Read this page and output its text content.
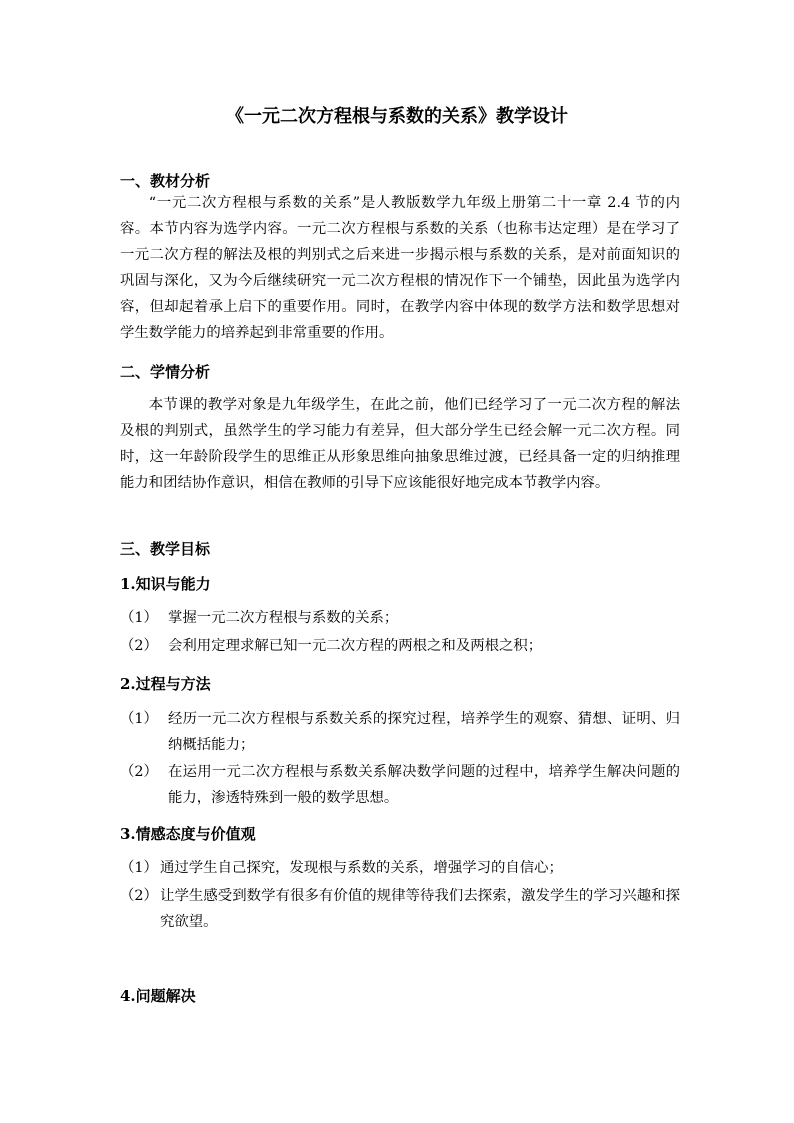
《一元二次方程根与系数的关系》教学设计
一、教材分析

“一元二次方程根与系数的关系”是人教版数学九年级上册第二十一章 2.4 节的内容。本节内容为选学内容。一元二次方程根与系数的关系（也称韦达定理）是在学习了一元二次方程的解法及根的判别式之后来进一步揭示根与系数的关系，是对前面知识的巩固与深化，又为今后继续研究一元二次方程根的情况作下一个铺垫，因此虽为选学内容，但却起着承上启下的重要作用。同时，在教学内容中体现的数学方法和数学思想对学生数学能力的培养起到非常重要的作用。

二、学情分析

本节课的教学对象是九年级学生，在此之前，他们已经学习了一元二次方程的解法及根的判别式，虽然学生的学习能力有差异，但大部分学生已经会解一元二次方程。同时，这一年龄阶段学生的思维正从形象思维向抽象思维过渡，已经具备一定的归纳推理能力和团结协作意识，相信在教师的引导下应该能很好地完成本节教学内容。

三、教学目标
1.知识与能力
（1） 掌握一元二次方程根与系数的关系；
（2） 会利用定理求解已知一元二次方程的两根之和及两根之积；
2.过程与方法
（1） 经历一元二次方程根与系数关系的探究过程，培养学生的观察、猜想、证明、归纳概括能力；
（2） 在运用一元二次方程根与系数关系解决数学问题的过程中，培养学生解决问题的能力，渗透特殊到一般的数学思想。
3.情感态度与价值观
（1） 通过学生自己探究，发现根与系数的关系，增强学习的自信心；
（2） 让学生感受到数学有很多有价值的规律等待我们去探索，激发学生的学习兴趣和探究欲望。
4.问题解决
